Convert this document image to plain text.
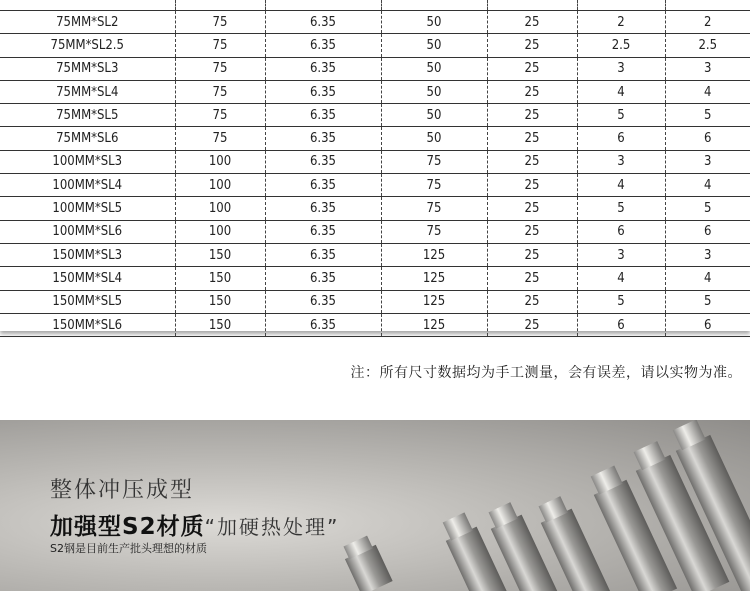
75MM*SL2	75	6.35	50	25	2	2
75MM*SL2.5	75	6.35	50	25	2.5	2.5
75MM*SL3	75	6.35	50	25	3	3
75MM*SL4	75	6.35	50	25	4	4
75MM*SL5	75	6.35	50	25	5	5
75MM*SL6	75	6.35	50	25	6	6
100MM*SL3	100	6.35	75	25	3	3
100MM*SL4	100	6.35	75	25	4	4
100MM*SL5	100	6.35	75	25	5	5
100MM*SL6	100	6.35	75	25	6	6
150MM*SL3	150	6.35	125	25	3	3
150MM*SL4	150	6.35	125	25	4	4
150MM*SL5	150	6.35	125	25	5	5
150MM*SL6	150	6.35	125	25	6	6
注：所有尺寸数据均为手工测量，会有误差，请以实物为准。
整体冲压成型
加强型S2材质“加硬热处理”
S2钢是目前生产批头理想的材质
